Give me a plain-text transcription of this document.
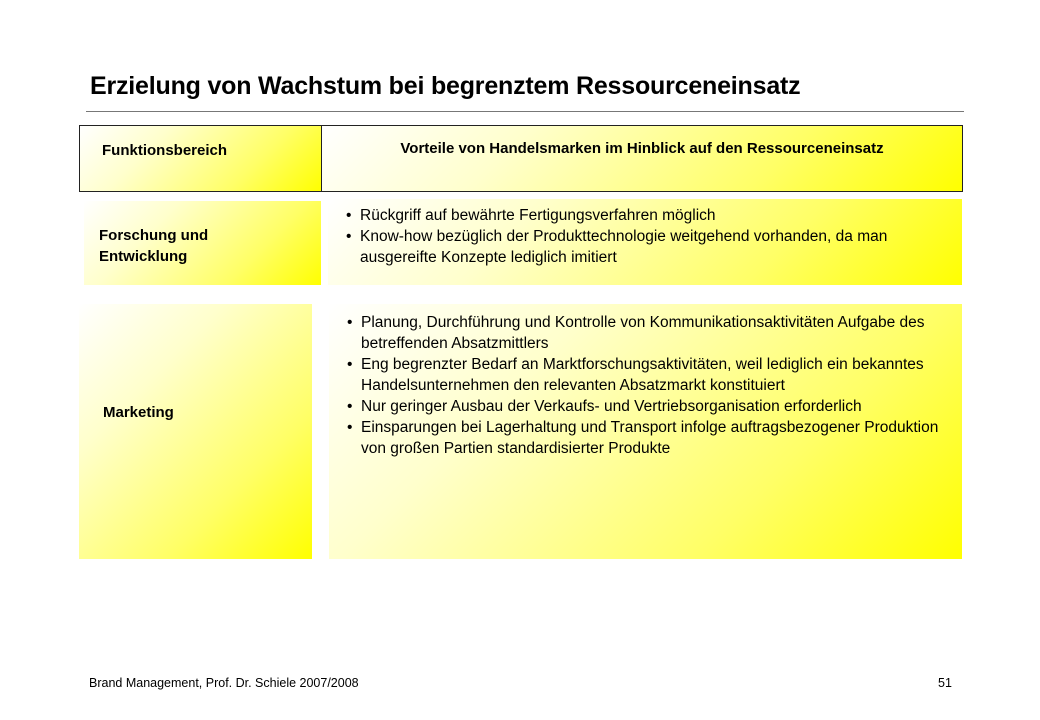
Erzielung von Wachstum bei begrenztem Ressourceneinsatz
Funktionsbereich	Vorteile von Handelsmarken im Hinblick auf den Ressourceneinsatz
Forschung und
Entwicklung
• Rückgriff auf bewährte Fertigungsverfahren möglich
• Know-how bezüglich der Produkttechnologie weitgehend vorhanden, da man ausgereifte Konzepte lediglich imitiert
Marketing
• Planung, Durchführung und Kontrolle von Kommunikationsaktivitäten Aufgabe des betreffenden Absatzmittlers
• Eng begrenzter Bedarf an Marktforschungsaktivitäten, weil lediglich ein bekanntes Handelsunternehmen den relevanten Absatzmarkt konstituiert
• Nur geringer Ausbau der Verkaufs- und Vertriebsorganisation erforderlich
• Einsparungen bei Lagerhaltung und Transport infolge auftragsbezogener Produktion von großen Partien standardisierter Produkte
Brand Management, Prof. Dr. Schiele 2007/2008	51
